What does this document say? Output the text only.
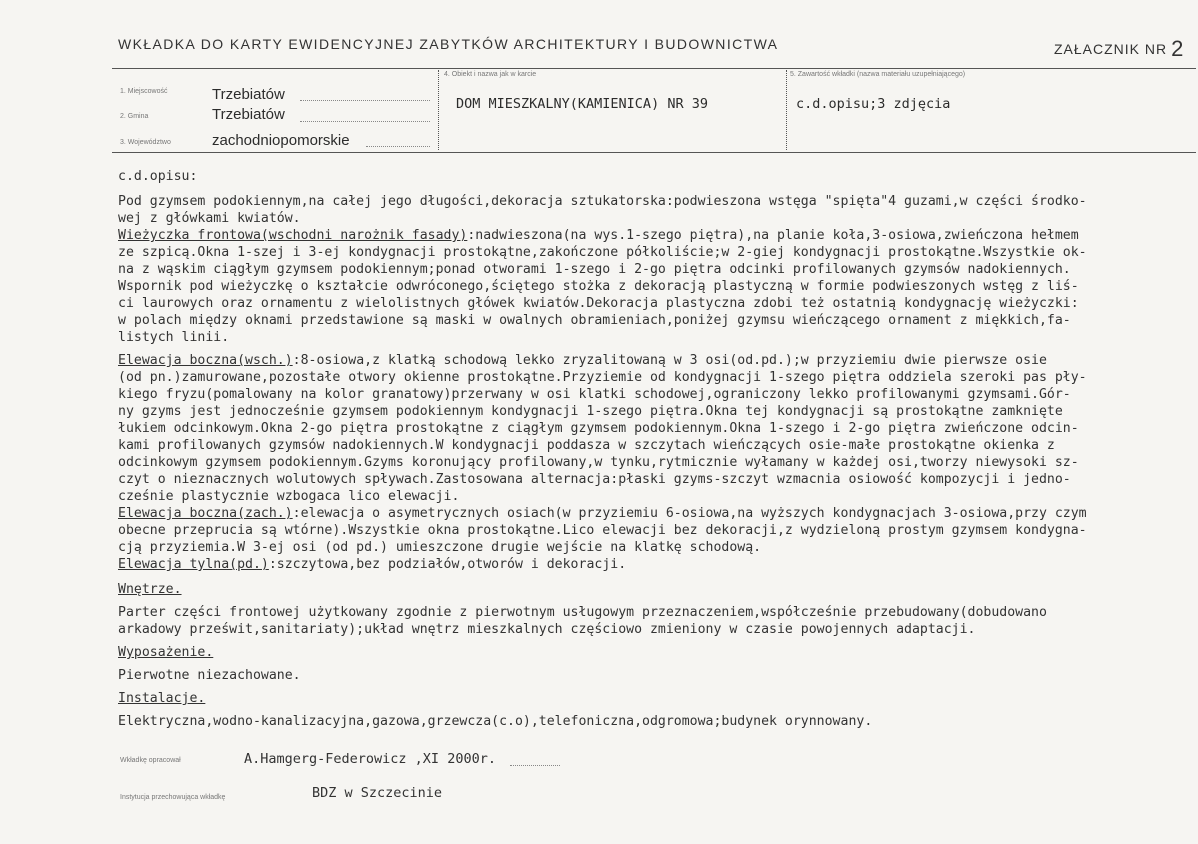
WKŁADKA DO KARTY EWIDENCYJNEJ ZABYTKÓW ARCHITEKTURY I BUDOWNICTWA	ZAŁACZNIK NR 2
1. Miejscowość	Trzebiatów
2. Gmina	Trzebiatów
3. Województwo	zachodniopomorskie
4. Obiekt i nazwa jak w karcie
DOM MIESZKALNY(KAMIENICA) NR 39
5. Zawartość wkładki (nazwa materiału uzupełniającego)
c.d.opisu;3 zdjęcia

c.d.opisu:

Pod gzymsem podokiennym,na całej jego długości,dekoracja sztukatorska:podwieszona wstęga "spięta"4 guzami,w części środko-

wej z główkami kwiatów.

Wieżyczka frontowa(wschodni narożnik fasady):nadwieszona(na wys.1-szego piętra),na planie koła,3-osiowa,zwieńczona hełmem

ze szpicą.Okna 1-szej i 3-ej kondygnacji prostokątne,zakończone półkoliście;w 2-giej kondygnacji prostokątne.Wszystkie ok-

na z wąskim ciągłym gzymsem podokiennym;ponad otworami 1-szego i 2-go piętra odcinki profilowanych gzymsów nadokiennych.

Wspornik pod wieżyczkę o kształcie odwróconego,ściętego stożka z dekoracją plastyczną w formie podwieszonych wstęg z liś-

ci laurowych oraz ornamentu z wielolistnych główek kwiatów.Dekoracja plastyczna zdobi też ostatnią kondygnację wieżyczki:

w polach między oknami przedstawione są maski w owalnych obramieniach,poniżej gzymsu wieńczącego ornament z miękkich,fa-

listych linii.

Elewacja boczna(wsch.):8-osiowa,z klatką schodową lekko zryzalitowaną w 3 osi(od.pd.);w przyziemiu dwie pierwsze osie

(od pn.)zamurowane,pozostałe otwory okienne prostokątne.Przyziemie od kondygnacji 1-szego piętra oddziela szeroki pas pły-

kiego fryzu(pomalowany na kolor granatowy)przerwany w osi klatki schodowej,ograniczony lekko profilowanymi gzymsami.Gór-

ny gzyms jest jednocześnie gzymsem podokiennym kondygnacji 1-szego piętra.Okna tej kondygnacji są prostokątne zamknięte

łukiem odcinkowym.Okna 2-go piętra prostokątne z ciągłym gzymsem podokiennym.Okna 1-szego i 2-go piętra zwieńczone odcin-

kami profilowanych gzymsów nadokiennych.W kondygnacji poddasza w szczytach wieńczących osie-małe prostokątne okienka z

odcinkowym gzymsem podokiennym.Gzyms koronujący profilowany,w tynku,rytmicznie wyłamany w każdej osi,tworzy niewysoki sz-

czyt o nieznacznych wolutowych spływach.Zastosowana alternacja:płaski gzyms-szczyt wzmacnia osiowość kompozycji i jedno-

cześnie plastycznie wzbogaca lico elewacji.

Elewacja boczna(zach.):elewacja o asymetrycznych osiach(w przyziemiu 6-osiowa,na wyższych kondygnacjach 3-osiowa,przy czym

obecne przeprucia są wtórne).Wszystkie okna prostokątne.Lico elewacji bez dekoracji,z wydzieloną prostym gzymsem kondygna-

cją przyziemia.W 3-ej osi (od pd.) umieszczone drugie wejście na klatkę schodową.

Elewacja tylna(pd.):szczytowa,bez podziałów,otworów i dekoracji.

Wnętrze.

Parter części frontowej użytkowany zgodnie z pierwotnym usługowym przeznaczeniem,współcześnie przebudowany(dobudowano

arkadowy prześwit,sanitariaty);układ wnętrz mieszkalnych częściowo zmieniony w czasie powojennych adaptacji.

Wyposażenie.

Pierwotne niezachowane.

Instalacje.

Elektryczna,wodno-kanalizacyjna,gazowa,grzewcza(c.o),telefoniczna,odgromowa;budynek orynnowany.

Wkładkę opracował	A.Hamgerg-Federowicz ,XI 2000r.
Instytucja przechowująca wkładkę	BDZ w Szczecinie
